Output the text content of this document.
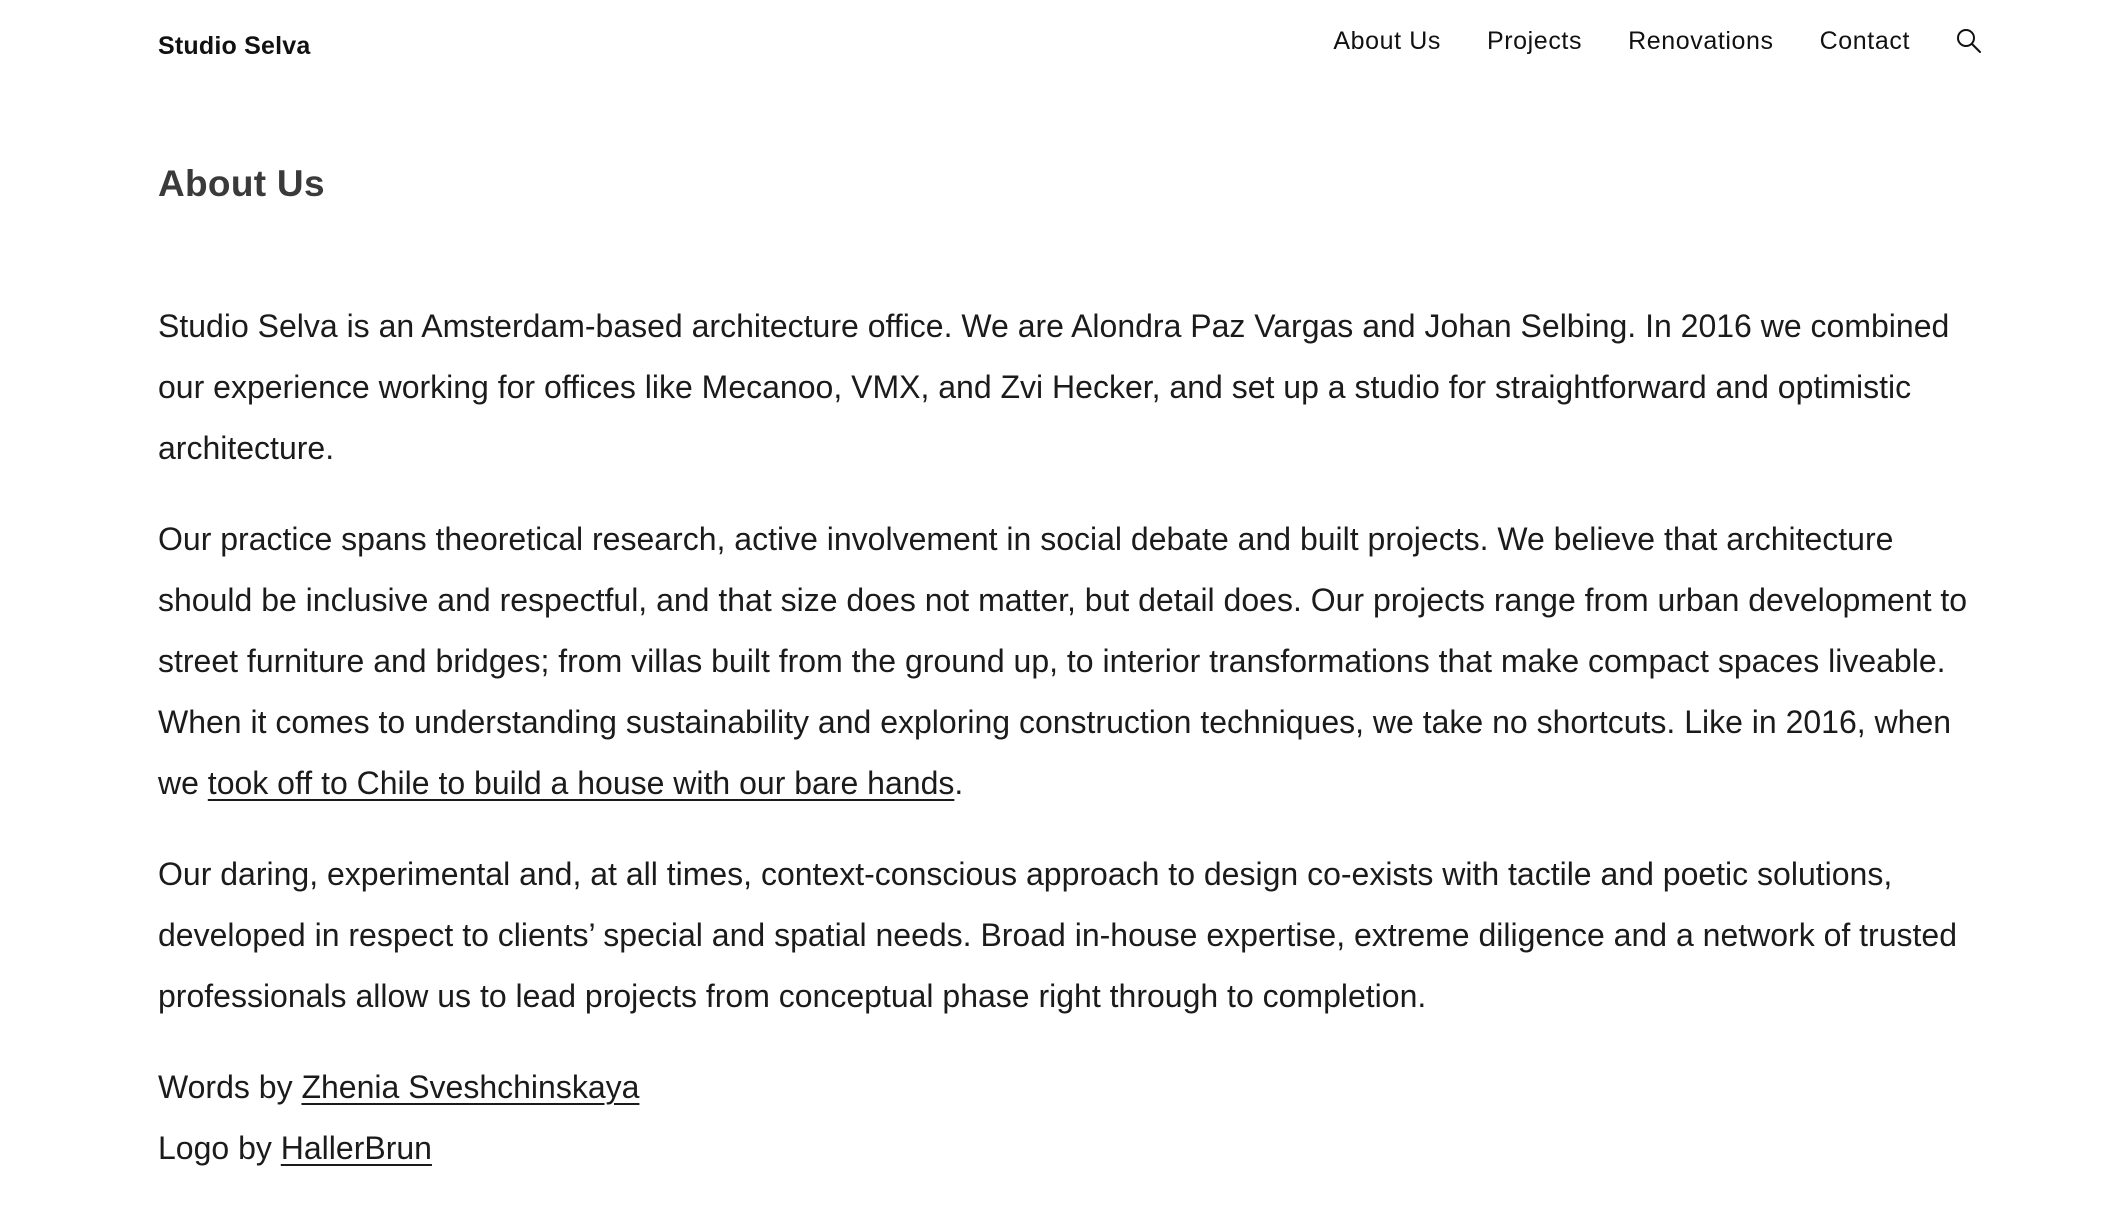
Studio Selva	About Us Projects Renovations Contact
About Us

Studio Selva is an Amsterdam-based architecture office. We are Alondra Paz Vargas and Johan Selbing. In 2016 we combined our experience working for offices like Mecanoo, VMX, and Zvi Hecker, and set up a studio for straightforward and optimistic architecture.

Our practice spans theoretical research, active involvement in social debate and built projects. We believe that architecture should be inclusive and respectful, and that size does not matter, but detail does. Our projects range from urban development to street furniture and bridges; from villas built from the ground up, to interior transformations that make compact spaces liveable. When it comes to understanding sustainability and exploring construction techniques, we take no shortcuts. Like in 2016, when we took off to Chile to build a house with our bare hands.

Our daring, experimental and, at all times, context-conscious approach to design co-exists with tactile and poetic solutions, developed in respect to clients’ special and spatial needs. Broad in-house expertise, extreme diligence and a network of trusted professionals allow us to lead projects from conceptual phase right through to completion.

Words by Zhenia Sveshchinskaya

Logo by HallerBrun
